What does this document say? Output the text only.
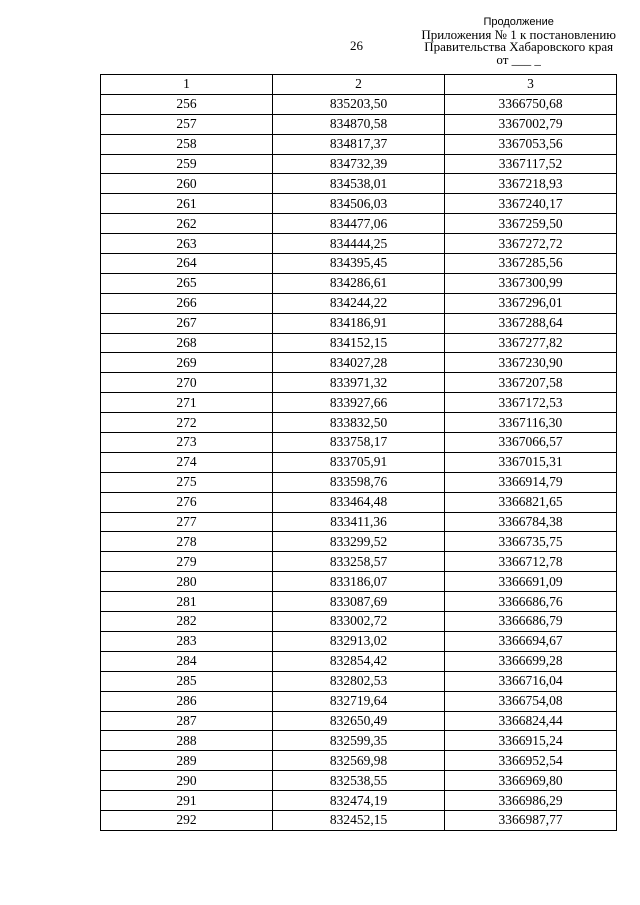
26
Продолжение
Приложения № 1 к постановлению
Правительства Хабаровского края
от ___ _
1	2	3
256	835203,50	3366750,68
257	834870,58	3367002,79
258	834817,37	3367053,56
259	834732,39	3367117,52
260	834538,01	3367218,93
261	834506,03	3367240,17
262	834477,06	3367259,50
263	834444,25	3367272,72
264	834395,45	3367285,56
265	834286,61	3367300,99
266	834244,22	3367296,01
267	834186,91	3367288,64
268	834152,15	3367277,82
269	834027,28	3367230,90
270	833971,32	3367207,58
271	833927,66	3367172,53
272	833832,50	3367116,30
273	833758,17	3367066,57
274	833705,91	3367015,31
275	833598,76	3366914,79
276	833464,48	3366821,65
277	833411,36	3366784,38
278	833299,52	3366735,75
279	833258,57	3366712,78
280	833186,07	3366691,09
281	833087,69	3366686,76
282	833002,72	3366686,79
283	832913,02	3366694,67
284	832854,42	3366699,28
285	832802,53	3366716,04
286	832719,64	3366754,08
287	832650,49	3366824,44
288	832599,35	3366915,24
289	832569,98	3366952,54
290	832538,55	3366969,80
291	832474,19	3366986,29
292	832452,15	3366987,77
